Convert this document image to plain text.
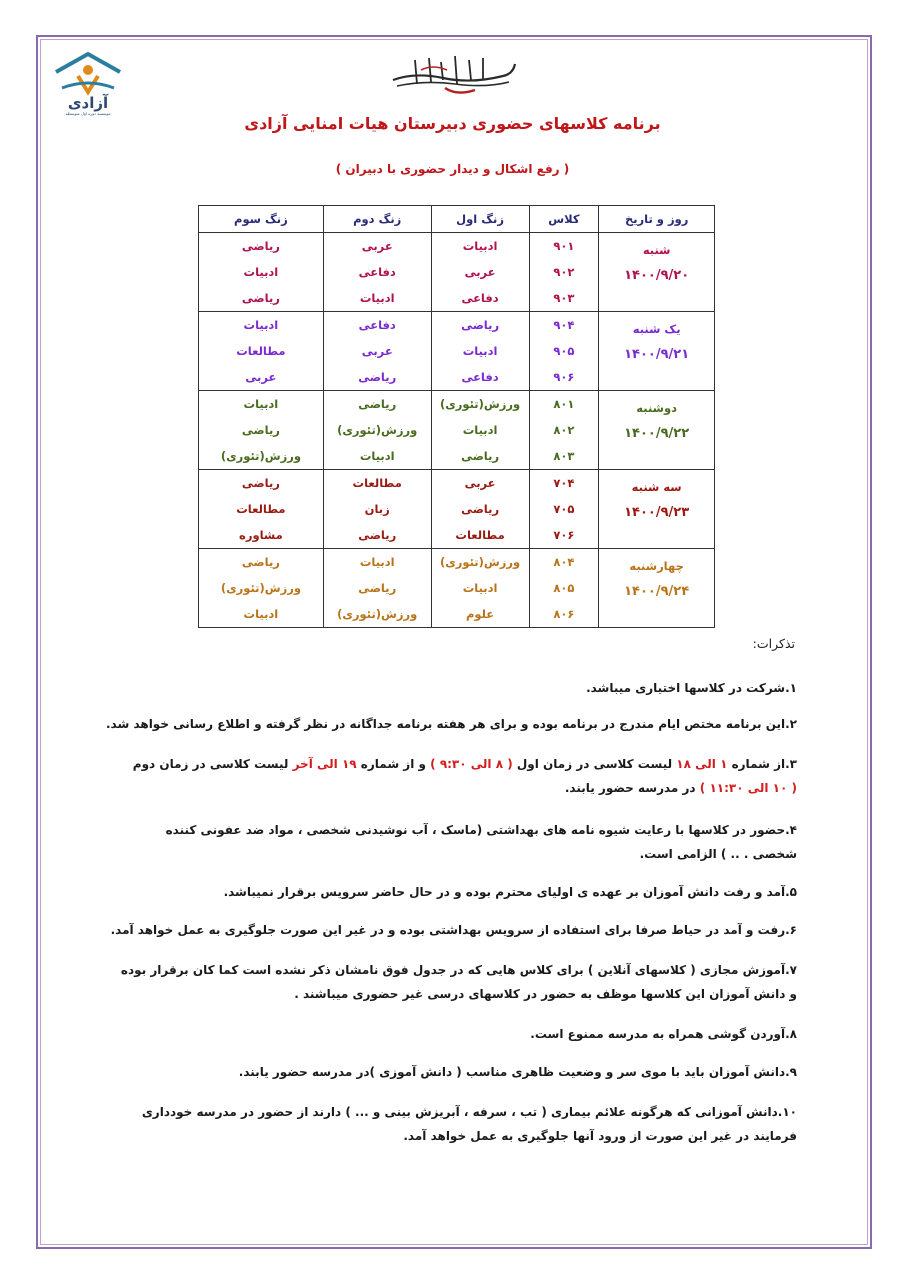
آزادی
موسسه دوره اول متوسطه
برنامه کلاسهای حضوری دبیرستان هیات امنایی آزادی
( رفع اشکال و دیدار حضوری با دبیران )
روز و تاریخ	کلاس	زنگ اول	زنگ دوم	زنگ سوم

شنبه
۱۴۰۰/۹/۲۰	۹۰۱	ادبیات	عربی	ریاضی
	۹۰۲	عربی	دفاعی	ادبیات
	۹۰۳	دفاعی	ادبیات	ریاضی

یک شنبه
۱۴۰۰/۹/۲۱	۹۰۴	ریاضی	دفاعی	ادبیات
	۹۰۵	ادبیات	عربی	مطالعات
	۹۰۶	دفاعی	ریاضی	عربی

دوشنبه
۱۴۰۰/۹/۲۲	۸۰۱	ورزش(تئوری)	ریاضی	ادبیات
	۸۰۲	ادبیات	ورزش(تئوری)	ریاضی
	۸۰۳	ریاضی	ادبیات	ورزش(تئوری)

سه شنبه
۱۴۰۰/۹/۲۳	۷۰۴	عربی	مطالعات	ریاضی
	۷۰۵	ریاضی	زبان	مطالعات
	۷۰۶	مطالعات	ریاضی	مشاوره

چهارشنبه
۱۴۰۰/۹/۲۴	۸۰۴	ورزش(تئوری)	ادبیات	ریاضی
	۸۰۵	ادبیات	ریاضی	ورزش(تئوری)
	۸۰۶	علوم	ورزش(تئوری)	ادبیات
تذکرات:
۱.شرکت در کلاسها اختیاری میباشد.
۲.این برنامه مختص ایام مندرج در برنامه بوده و برای هر هفته برنامه جداگانه در نظر گرفته و اطلاع رسانی خواهد شد.
۳.از شماره ۱ الی ۱۸ لیست کلاسی در زمان اول ( ۸ الی ۹:۳۰ ) و از شماره ۱۹ الی آخر لیست کلاسی در زمان دوم ( ۱۰ الی ۱۱:۳۰ ) در مدرسه حضور یابند.
۴.حضور در کلاسها با رعایت شیوه نامه های بهداشتی (ماسک ، آب نوشیدنی شخصی ، مواد ضد عفونی کننده شخصی . .. ) الزامی است.
۵.آمد و رفت دانش آموزان بر عهده ی اولیای محترم بوده و در حال حاضر سرویس برقرار نمیباشد.
۶.رفت و آمد در حیاط صرفا برای استفاده از سرویس بهداشتی بوده و در غیر این صورت جلوگیری به عمل خواهد آمد.
۷.آموزش مجازی ( کلاسهای آنلاین ) برای کلاس هایی که در جدول فوق نامشان ذکر نشده است کما کان برقرار بوده و دانش آموزان این کلاسها موظف به حضور در کلاسهای درسی غیر حضوری میباشند .
۸.آوردن گوشی همراه به مدرسه ممنوع است.
۹.دانش آموزان باید با موی سر و وضعیت ظاهری مناسب ( دانش آموزی )در مدرسه حضور یابند.
۱۰.دانش آموزانی که هرگونه علائم بیماری ( تب ، سرفه ، آبریزش بینی و ... ) دارند از حضور در مدرسه خودداری فرمایند در غیر این صورت از ورود آنها جلوگیری به عمل خواهد آمد.
